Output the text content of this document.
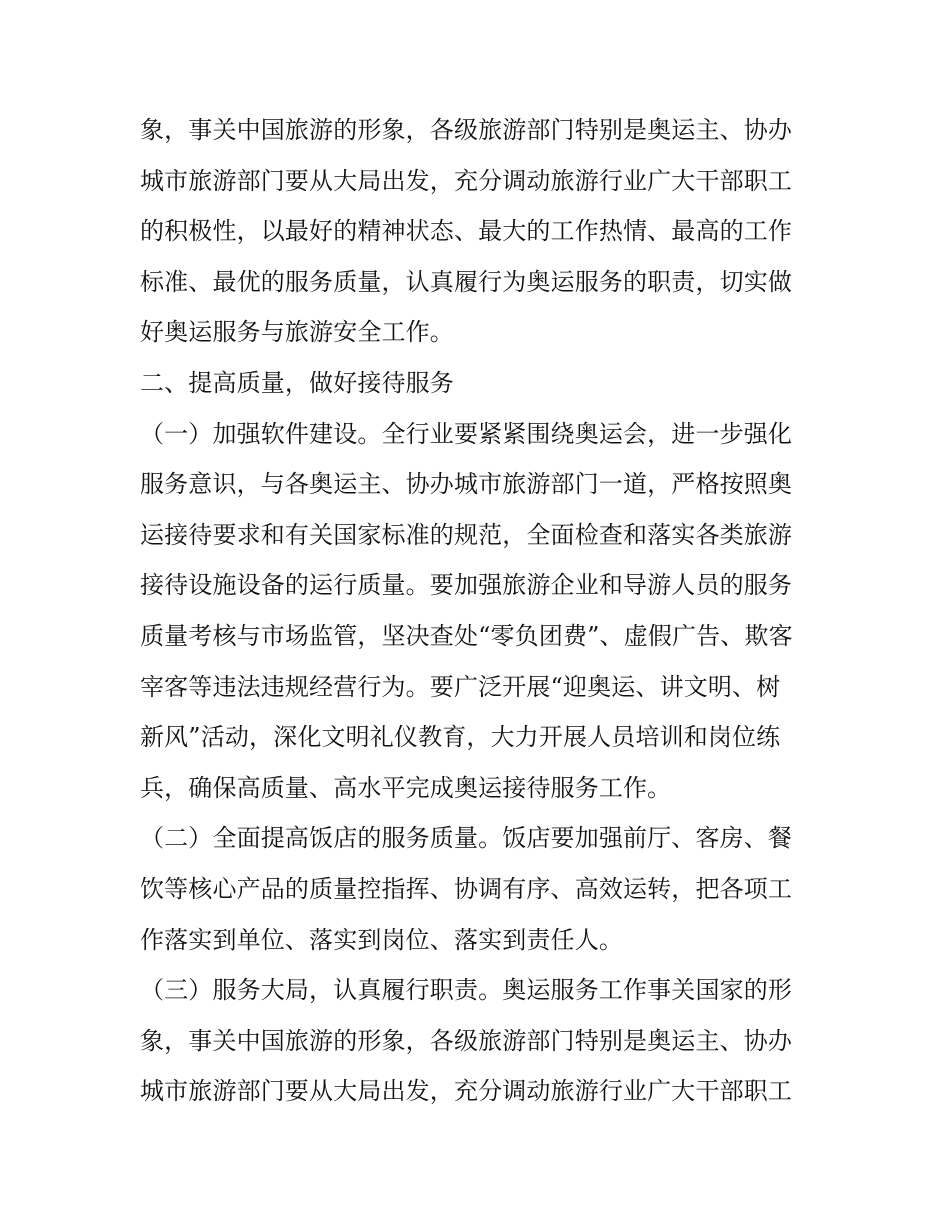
象，事关中国旅游的形象，各级旅游部门特别是奥运主、协办
城市旅游部门要从大局出发，充分调动旅游行业广大干部职工
的积极性，以最好的精神状态、最大的工作热情、最高的工作
标准、最优的服务质量，认真履行为奥运服务的职责，切实做
好奥运服务与旅游安全工作。
二、提高质量，做好接待服务
（一）加强软件建设。全行业要紧紧围绕奥运会，进一步强化
服务意识，与各奥运主、协办城市旅游部门一道，严格按照奥
运接待要求和有关国家标准的规范，全面检查和落实各类旅游
接待设施设备的运行质量。要加强旅游企业和导游人员的服务
质量考核与市场监管，坚决查处“零负团费”、虚假广告、欺客
宰客等违法违规经营行为。要广泛开展“迎奥运、讲文明、树
新风”活动，深化文明礼仪教育，大力开展人员培训和岗位练
兵，确保高质量、高水平完成奥运接待服务工作。
（二）全面提高饭店的服务质量。饭店要加强前厅、客房、餐
饮等核心产品的质量控指挥、协调有序、高效运转，把各项工
作落实到单位、落实到岗位、落实到责任人。
（三）服务大局，认真履行职责。奥运服务工作事关国家的形
象，事关中国旅游的形象，各级旅游部门特别是奥运主、协办
城市旅游部门要从大局出发，充分调动旅游行业广大干部职工
